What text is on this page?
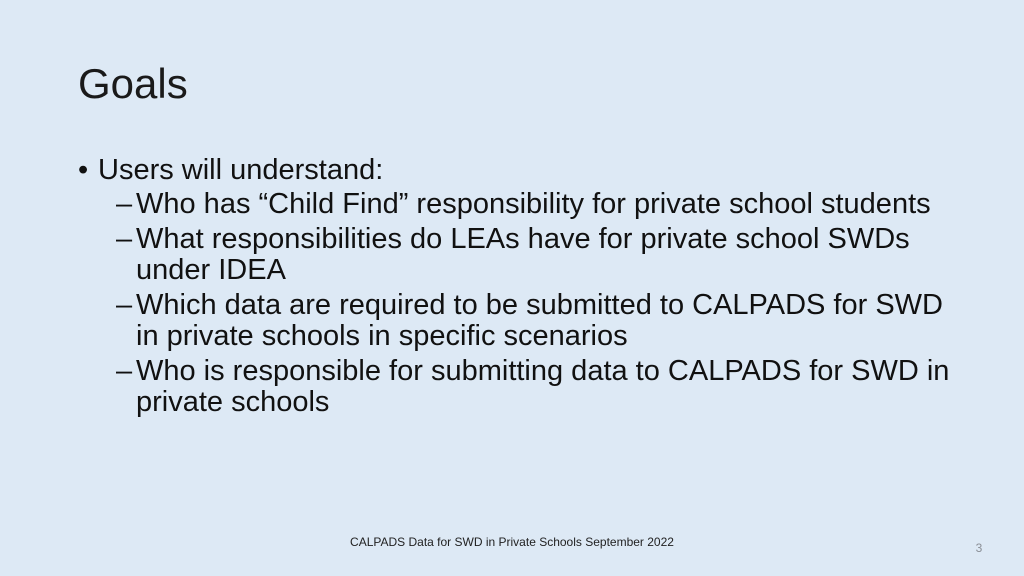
Goals
• Users will understand:
– Who has “Child Find” responsibility for private school students
– What responsibilities do LEAs have for private school SWDs under IDEA
– Which data are required to be submitted to CALPADS for SWD in private schools in specific scenarios
– Who is responsible for submitting data to CALPADS for SWD in private schools
CALPADS Data for SWD in Private Schools September 2022	3
